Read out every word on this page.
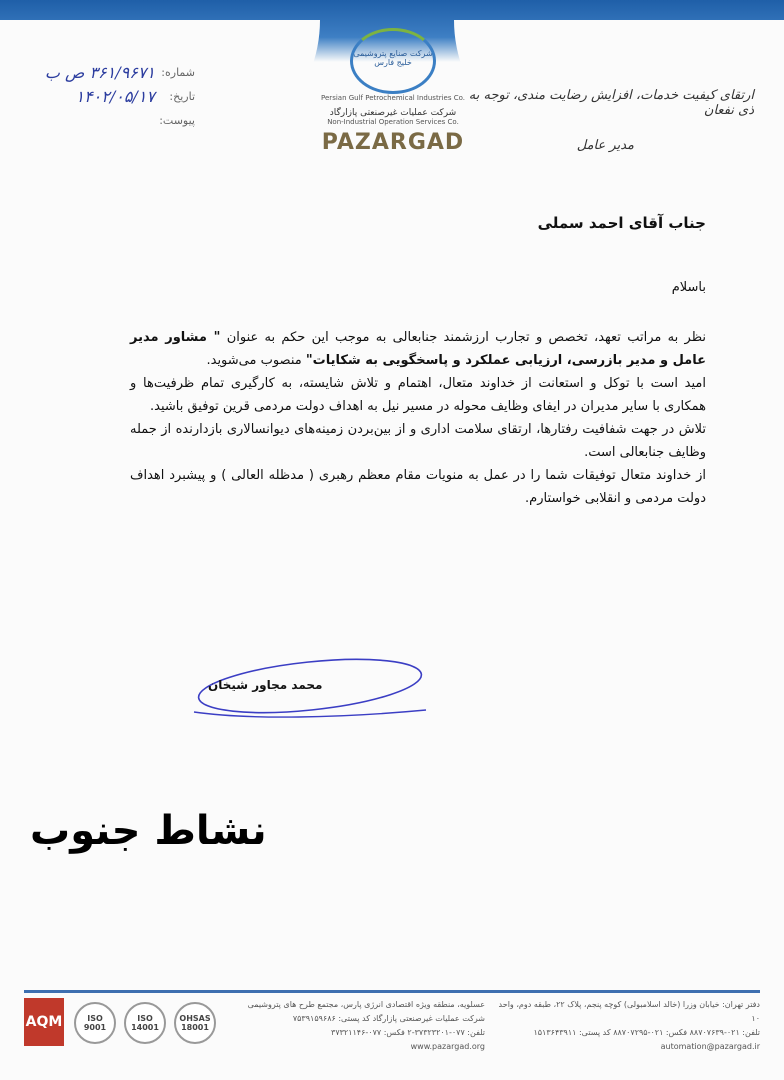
شرکت صنایع پتروشیمی خلیج فارس
Persian Gulf Petrochemical Industries Co.
شرکت عملیات غیرصنعتی پازارگاد
Non-Industrial Operation Services Co.
PAZARGAD
شماره:
۳۶۱/۹۶۷۱ ص ب
تاریخ:
۱۴۰۲/۰۵/۱۷
پیوست:
ارتقای کیفیت خدمات، افزایش رضایت مندی، توجه به ذی نفعان
مدیر عامل
جناب آقای احمد سملی
باسلام

نظر به مراتب تعهد، تخصص و تجارب ارزشمند جنابعالی به موجب این حکم به عنوان " مشاور مدیر عامل و مدیر بازرسی، ارزیابی عملکرد و پاسخگویی به شکایات" منصوب می‌شوید.

امید است با توکل و استعانت از خداوند متعال، اهتمام و تلاش شایسته، به کارگیری تمام ظرفیت‌ها و همکاری با سایر مدیران در ایفای وظایف محوله در مسیر نیل به اهداف دولت مردمی قرین توفیق باشید.

تلاش در جهت شفافیت رفتارها، ارتقای سلامت اداری و از بین‌بردن زمینه‌های دیوانسالاری بازدارنده از جمله وظایف جنابعالی است.

از خداوند متعال توفیقات شما را در عمل به منویات مقام معظم رهبری ( مدظله العالی ) و پیشبرد اهداف دولت مردمی و انقلابی خواستارم.

محمد مجاور شیخان
نشاط جنوب
دفتر تهران: خیابان وزرا (خالد اسلامبولی) کوچه پنجم، پلاک ۲۲، طبقه دوم، واحد ۱۰
تلفن: ۰۲۱-۸۸۷۰۷۶۳۹ فکس: ۰۲۱-۸۸۷۰۷۲۹۵ کد پستی: ۱۵۱۳۶۴۳۹۱۱
automation@pazargad.ir
عسلویه، منطقه ویژه اقتصادی انرژی پارس، مجتمع طرح های پتروشیمی
شرکت عملیات غیرصنعتی پازارگاد کد پستی: ۷۵۳۹۱۵۹۶۸۶
تلفن: ۰۷۷-۳۷۳۲۳۲۰۱-۲ فکس: ۰۷۷-۳۷۳۲۱۱۴۶
www.pazargad.org
OHSAS 18001
ISO 14001
ISO 9001
AQM
